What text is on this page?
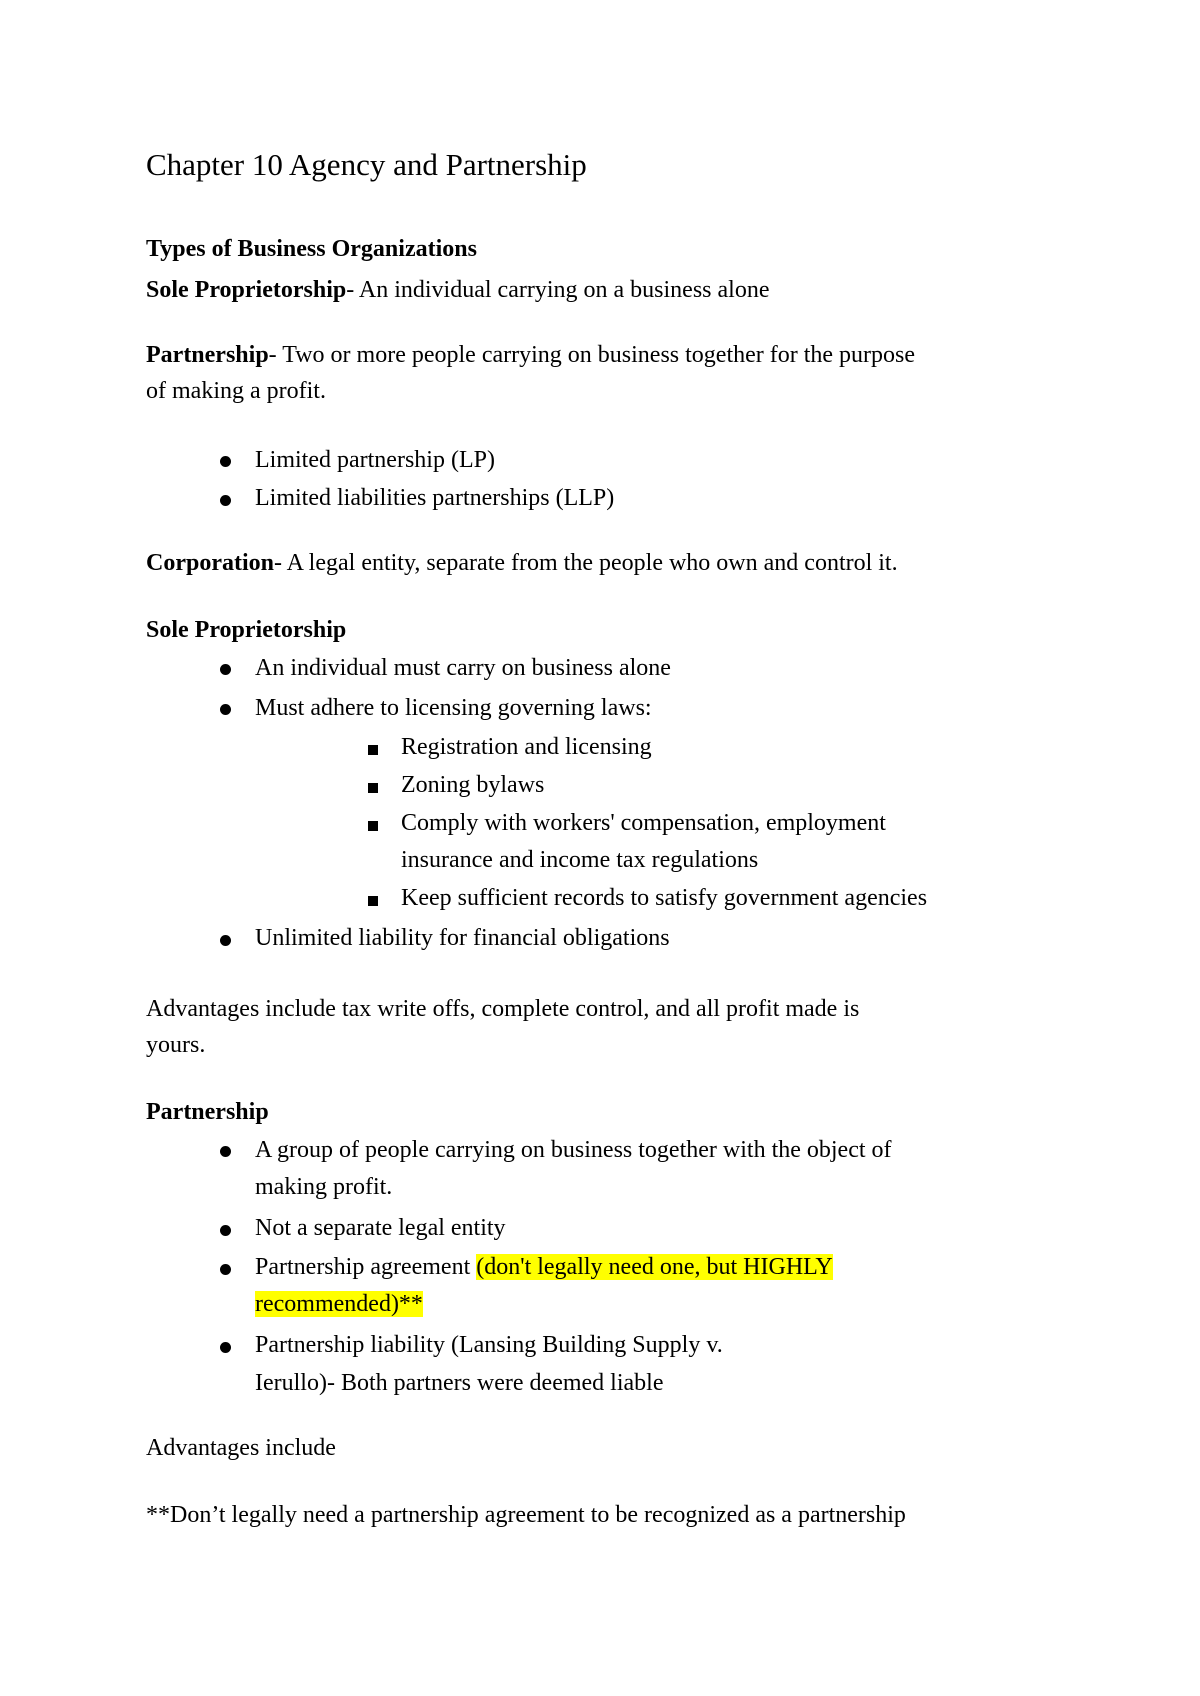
Chapter 10 Agency and Partnership
Types of Business Organizations
Sole Proprietorship- An individual carrying on a business alone
Partnership- Two or more people carrying on business together for the purpose
of making a profit.
Limited partnership (LP)
Limited liabilities partnerships (LLP)
Corporation- A legal entity, separate from the people who own and control it.
Sole Proprietorship
An individual must carry on business alone
Must adhere to licensing governing laws:
Registration and licensing
Zoning bylaws
Comply with workers' compensation, employment
insurance and income tax regulations
Keep sufficient records to satisfy government agencies
Unlimited liability for financial obligations
Advantages include tax write offs, complete control, and all profit made is
yours.
Partnership
A group of people carrying on business together with the object of
making profit.
Not a separate legal entity
Partnership agreement (don't legally need one, but HIGHLY
recommended)**
Partnership liability (Lansing Building Supply v.
Ierullo)- Both partners were deemed liable
Advantages include
**Don’t legally need a partnership agreement to be recognized as a partnership
